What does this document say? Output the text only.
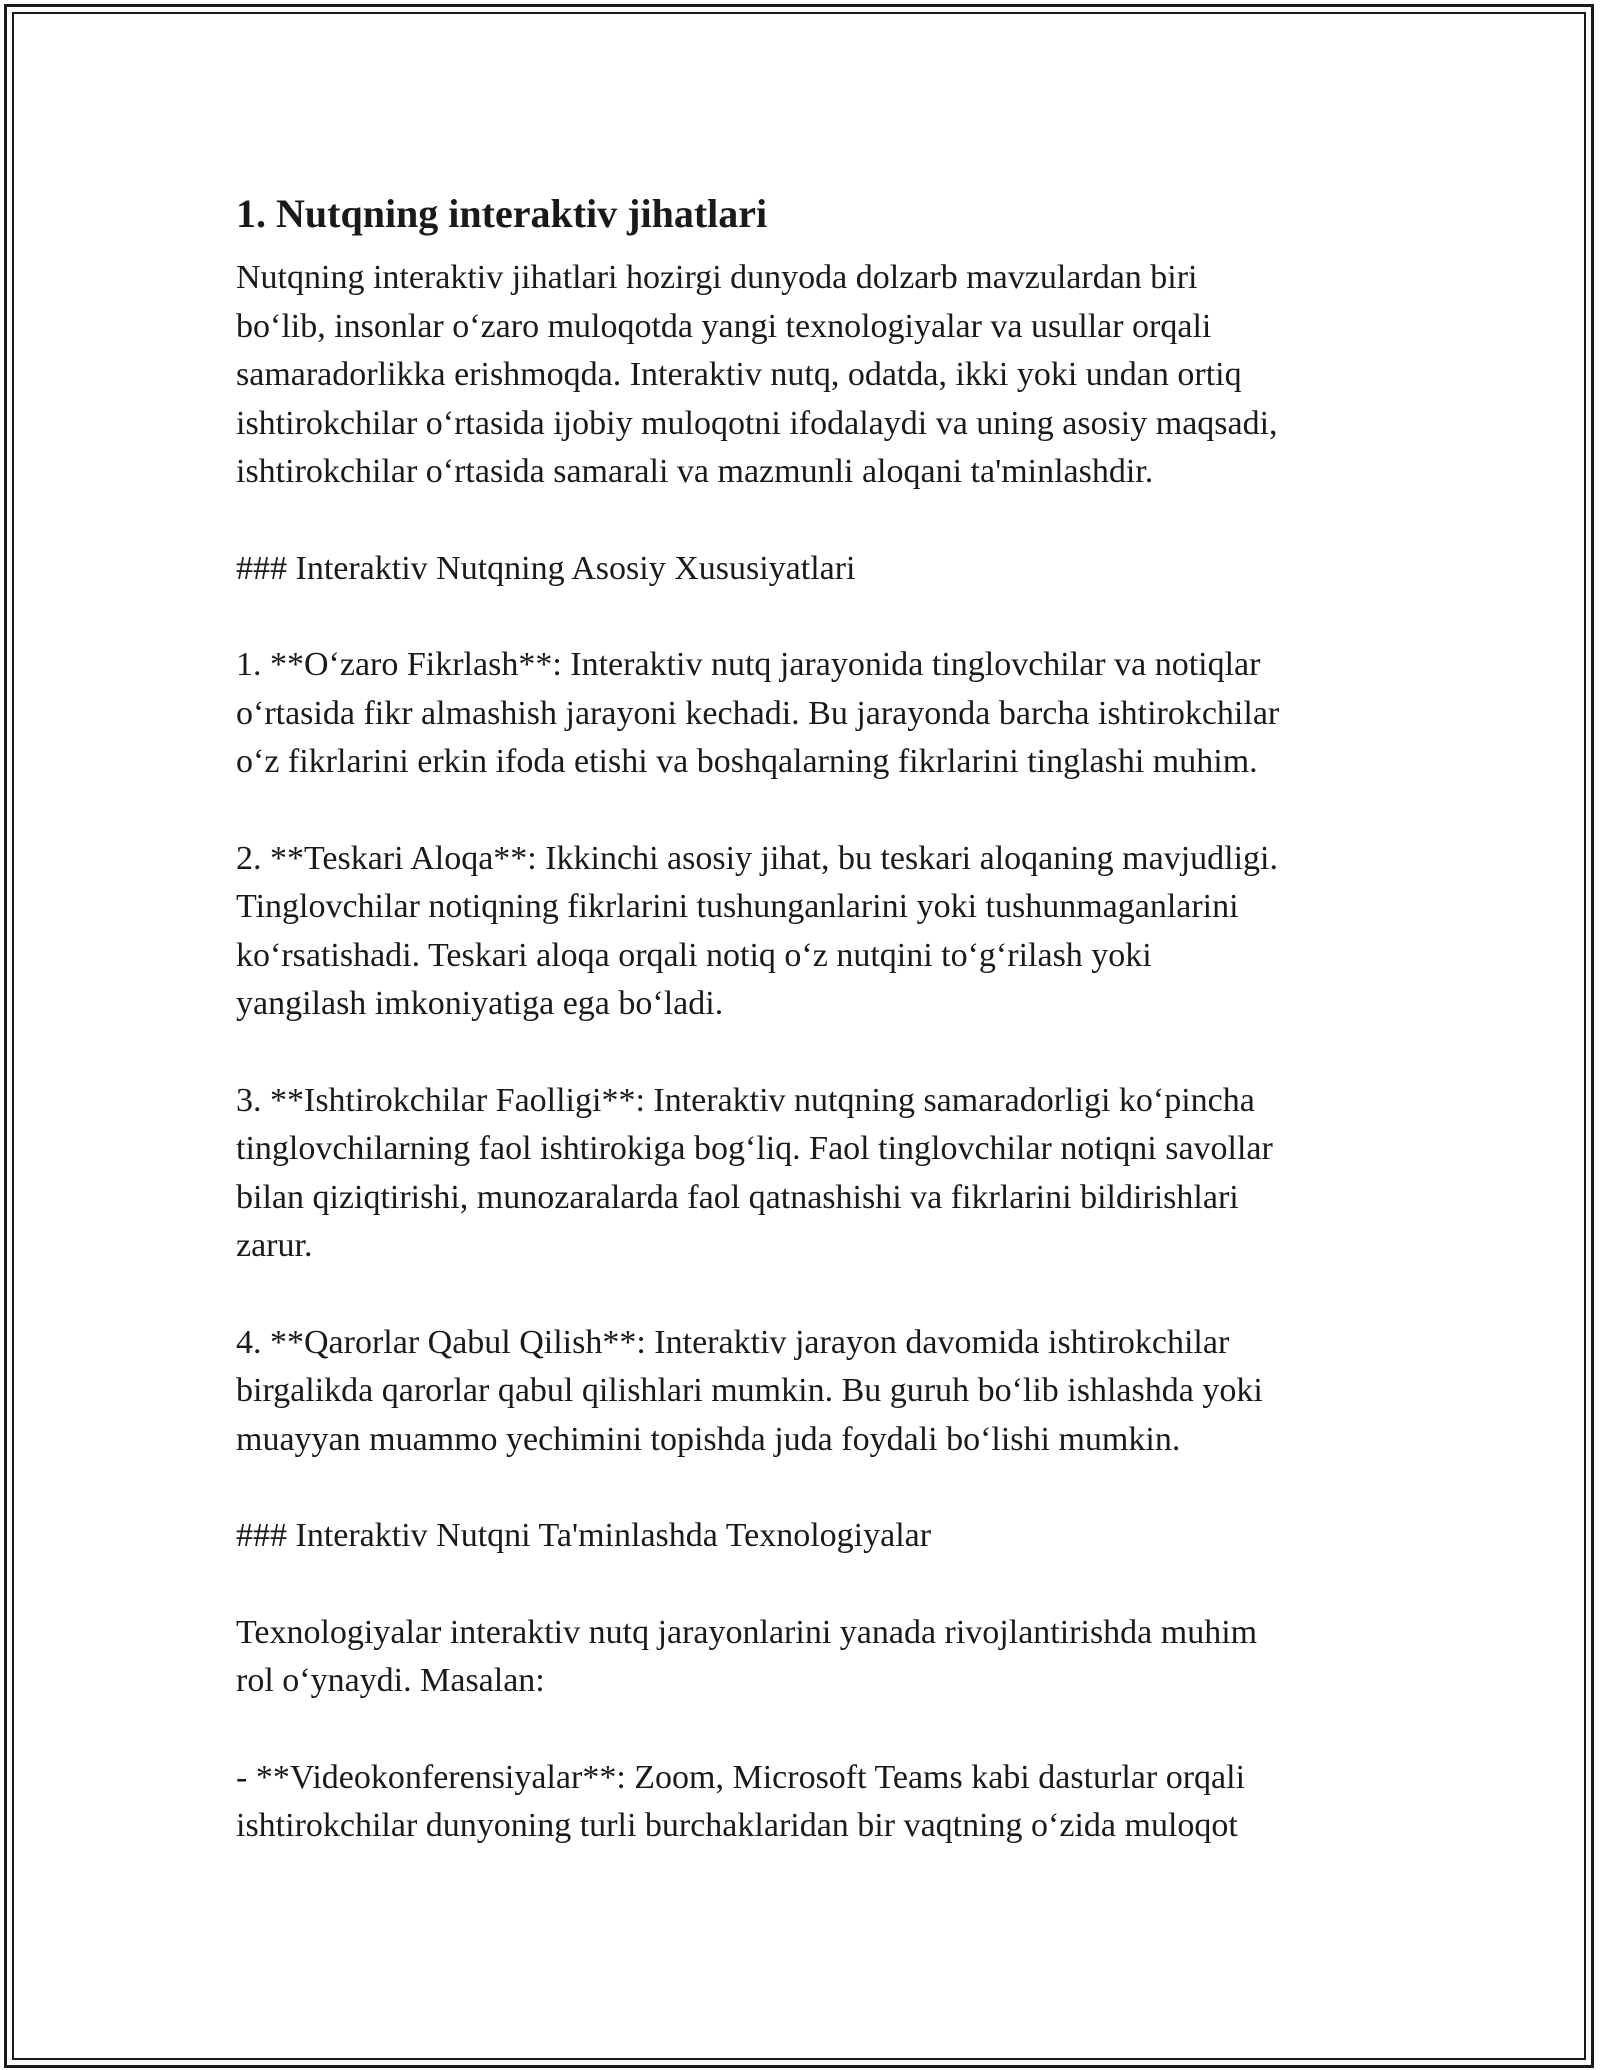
1. Nutqning interaktiv jihatlari

Nutqning interaktiv jihatlari hozirgi dunyoda dolzarb mavzulardan biri
bo‘lib, insonlar o‘zaro muloqotda yangi texnologiyalar va usullar orqali
samaradorlikka erishmoqda. Interaktiv nutq, odatda, ikki yoki undan ortiq
ishtirokchilar o‘rtasida ijobiy muloqotni ifodalaydi va uning asosiy maqsadi,
ishtirokchilar o‘rtasida samarali va mazmunli aloqani ta'minlashdir.

### Interaktiv Nutqning Asosiy Xususiyatlari

1. **O‘zaro Fikrlash**: Interaktiv nutq jarayonida tinglovchilar va notiqlar
o‘rtasida fikr almashish jarayoni kechadi. Bu jarayonda barcha ishtirokchilar
o‘z fikrlarini erkin ifoda etishi va boshqalarning fikrlarini tinglashi muhim.

2. **Teskari Aloqa**: Ikkinchi asosiy jihat, bu teskari aloqaning mavjudligi.
Tinglovchilar notiqning fikrlarini tushunganlarini yoki tushunmaganlarini
ko‘rsatishadi. Teskari aloqa orqali notiq o‘z nutqini to‘g‘rilash yoki
yangilash imkoniyatiga ega bo‘ladi.

3. **Ishtirokchilar Faolligi**: Interaktiv nutqning samaradorligi ko‘pincha
tinglovchilarning faol ishtirokiga bog‘liq. Faol tinglovchilar notiqni savollar
bilan qiziqtirishi, munozaralarda faol qatnashishi va fikrlarini bildirishlari
zarur.

4. **Qarorlar Qabul Qilish**: Interaktiv jarayon davomida ishtirokchilar
birgalikda qarorlar qabul qilishlari mumkin. Bu guruh bo‘lib ishlashda yoki
muayyan muammo yechimini topishda juda foydali bo‘lishi mumkin.

### Interaktiv Nutqni Ta'minlashda Texnologiyalar

Texnologiyalar interaktiv nutq jarayonlarini yanada rivojlantirishda muhim
rol o‘ynaydi. Masalan:

- **Videokonferensiyalar**: Zoom, Microsoft Teams kabi dasturlar orqali
ishtirokchilar dunyoning turli burchaklaridan bir vaqtning o‘zida muloqot
